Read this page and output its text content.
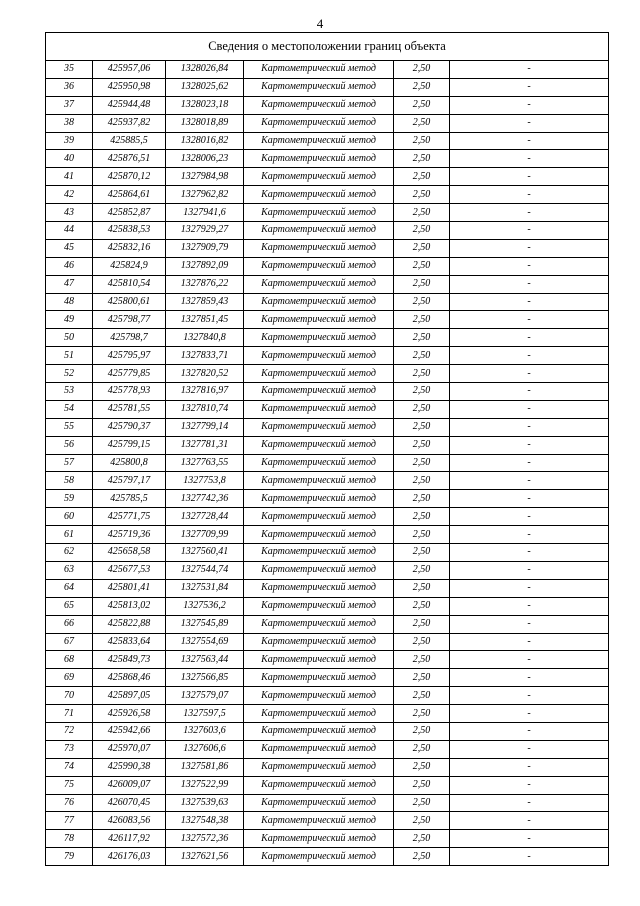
4
Сведения о местоположении границ объекта					
35	425957,06	1328026,84	Картометрический метод	2,50	-
36	425950,98	1328025,62	Картометрический метод	2,50	-
37	425944,48	1328023,18	Картометрический метод	2,50	-
38	425937,82	1328018,89	Картометрический метод	2,50	-
39	425885,5	1328016,82	Картометрический метод	2,50	-
40	425876,51	1328006,23	Картометрический метод	2,50	-
41	425870,12	1327984,98	Картометрический метод	2,50	-
42	425864,61	1327962,82	Картометрический метод	2,50	-
43	425852,87	1327941,6	Картометрический метод	2,50	-
44	425838,53	1327929,27	Картометрический метод	2,50	-
45	425832,16	1327909,79	Картометрический метод	2,50	-
46	425824,9	1327892,09	Картометрический метод	2,50	-
47	425810,54	1327876,22	Картометрический метод	2,50	-
48	425800,61	1327859,43	Картометрический метод	2,50	-
49	425798,77	1327851,45	Картометрический метод	2,50	-
50	425798,7	1327840,8	Картометрический метод	2,50	-
51	425795,97	1327833,71	Картометрический метод	2,50	-
52	425779,85	1327820,52	Картометрический метод	2,50	-
53	425778,93	1327816,97	Картометрический метод	2,50	-
54	425781,55	1327810,74	Картометрический метод	2,50	-
55	425790,37	1327799,14	Картометрический метод	2,50	-
56	425799,15	1327781,31	Картометрический метод	2,50	-
57	425800,8	1327763,55	Картометрический метод	2,50	-
58	425797,17	1327753,8	Картометрический метод	2,50	-
59	425785,5	1327742,36	Картометрический метод	2,50	-
60	425771,75	1327728,44	Картометрический метод	2,50	-
61	425719,36	1327709,99	Картометрический метод	2,50	-
62	425658,58	1327560,41	Картометрический метод	2,50	-
63	425677,53	1327544,74	Картометрический метод	2,50	-
64	425801,41	1327531,84	Картометрический метод	2,50	-
65	425813,02	1327536,2	Картометрический метод	2,50	-
66	425822,88	1327545,89	Картометрический метод	2,50	-
67	425833,64	1327554,69	Картометрический метод	2,50	-
68	425849,73	1327563,44	Картометрический метод	2,50	-
69	425868,46	1327566,85	Картометрический метод	2,50	-
70	425897,05	1327579,07	Картометрический метод	2,50	-
71	425926,58	1327597,5	Картометрический метод	2,50	-
72	425942,66	1327603,6	Картометрический метод	2,50	-
73	425970,07	1327606,6	Картометрический метод	2,50	-
74	425990,38	1327581,86	Картометрический метод	2,50	-
75	426009,07	1327522,99	Картометрический метод	2,50	-
76	426070,45	1327539,63	Картометрический метод	2,50	-
77	426083,56	1327548,38	Картометрический метод	2,50	-
78	426117,92	1327572,36	Картометрический метод	2,50	-
79	426176,03	1327621,56	Картометрический метод	2,50	-
